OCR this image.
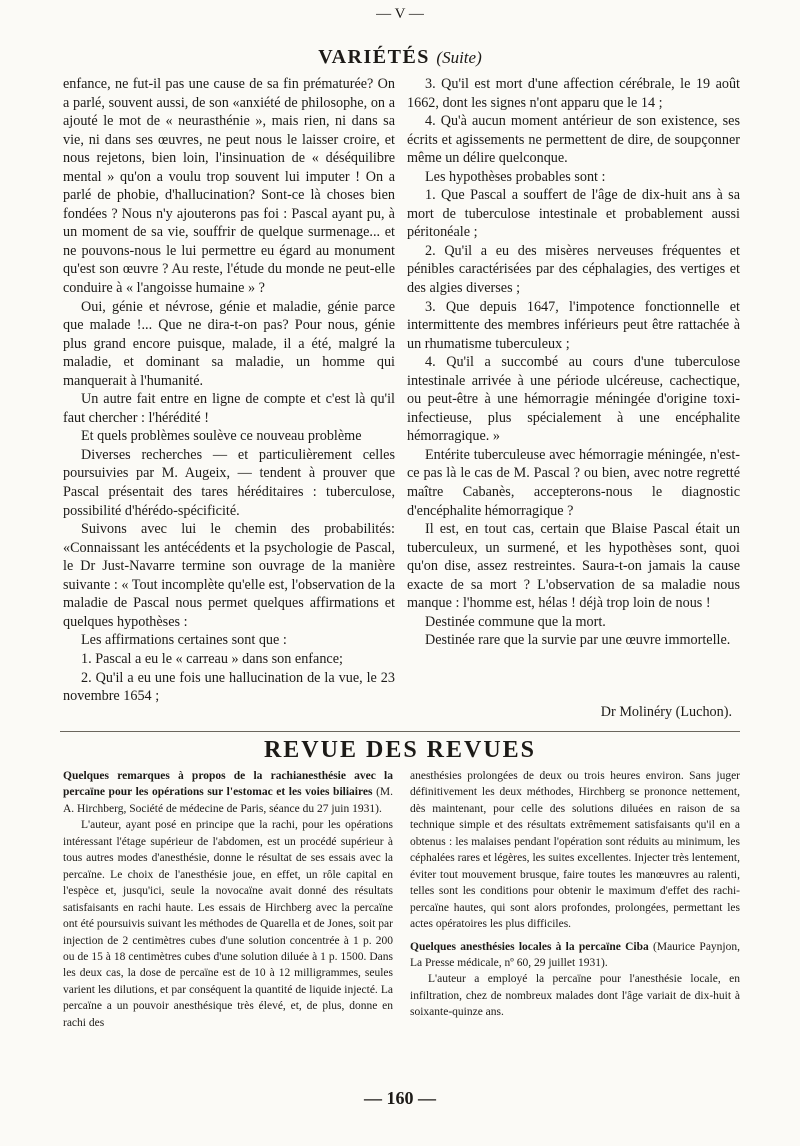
— V —
VARIÉTÉS (Suite)

enfance, ne fut-il pas une cause de sa fin prématurée? On a parlé, souvent aussi, de son «anxiété de philosophe, on a ajouté le mot de « neurasthénie », mais rien, ni dans sa vie, ni dans ses œuvres, ne peut nous le laisser croire, et nous rejetons, bien loin, l'insinuation de « déséquilibre mental » qu'on a voulu trop souvent lui imputer ! On a parlé de phobie, d'hallucination? Sont-ce là choses bien fondées ? Nous n'y ajouterons pas foi : Pascal ayant pu, à un moment de sa vie, souffrir de quelque surmenage... et ne pouvons-nous le lui permettre eu égard au monument qu'est son œuvre ? Au reste, l'étude du monde ne peut-elle conduire à « l'angoisse humaine » ?

Oui, génie et névrose, génie et maladie, génie parce que malade !... Que ne dira-t-on pas? Pour nous, génie plus grand encore puisque, malade, il a été, malgré la maladie, et dominant sa maladie, un homme qui manquerait à l'humanité.

Un autre fait entre en ligne de compte et c'est là qu'il faut chercher : l'hérédité !

Et quels problèmes soulève ce nouveau problème

Diverses recherches — et particulièrement celles poursuivies par M. Augeix, — tendent à prouver que Pascal présentait des tares héréditaires : tuberculose, possibilité d'hérédo-spécificité.

Suivons avec lui le chemin des probabilités: «Connaissant les antécédents et la psychologie de Pascal, le Dr Just-Navarre termine son ouvrage de la manière suivante : « Tout incomplète qu'elle est, l'observation de la maladie de Pascal nous permet quelques affirmations et quelques hypothèses :

Les affirmations certaines sont que :

1. Pascal a eu le « carreau » dans son enfance;

2. Qu'il a eu une fois une hallucination de la vue, le 23 novembre 1654 ;

3. Qu'il est mort d'une affection cérébrale, le 19 août 1662, dont les signes n'ont apparu que le 14 ;

4. Qu'à aucun moment antérieur de son existence, ses écrits et agissements ne permettent de dire, de soupçonner même un délire quelconque.

Les hypothèses probables sont :

1. Que Pascal a souffert de l'âge de dix-huit ans à sa mort de tuberculose intestinale et probablement aussi péritonéale ;

2. Qu'il a eu des misères nerveuses fréquentes et pénibles caractérisées par des céphalagies, des vertiges et des algies diverses ;

3. Que depuis 1647, l'impotence fonctionnelle et intermittente des membres inférieurs peut être rattachée à un rhumatisme tuberculeux ;

4. Qu'il a succombé au cours d'une tuberculose intestinale arrivée à une période ulcéreuse, cachectique, ou peut-être à une hémorragie méningée d'origine toxi-infectieuse, plus spécialement à une encéphalite hémorragique. »

Entérite tuberculeuse avec hémorragie méningée, n'est-ce pas là le cas de M. Pascal ? ou bien, avec notre regretté maître Cabanès, accepterons-nous le diagnostic d'encéphalite hémorragique ?

Il est, en tout cas, certain que Blaise Pascal était un tuberculeux, un surmené, et les hypothèses sont, quoi qu'on dise, assez restreintes. Saura-t-on jamais la cause exacte de sa mort ? L'observation de sa maladie nous manque : l'homme est, hélas ! déjà trop loin de nous !

Destinée commune que la mort.

Destinée rare que la survie par une œuvre immortelle.

Dr Molinéry (Luchon).
REVUE DES REVUES

Quelques remarques à propos de la rachianesthésie avec la percaïne pour les opérations sur l'estomac et les voies biliaires (M. A. Hirchberg, Société de médecine de Paris, séance du 27 juin 1931).

L'auteur, ayant posé en principe que la rachi, pour les opérations intéressant l'étage supérieur de l'abdomen, est un procédé supérieur à tous autres modes d'anesthésie, donne le résultat de ses essais avec la percaïne. Le choix de l'anesthésie joue, en effet, un rôle capital en l'espèce et, jusqu'ici, seule la novocaïne avait donné des résultats satisfaisants en rachi haute. Les essais de Hirchberg avec la percaïne ont été poursuivis suivant les méthodes de Quarella et de Jones, soit par injection de 2 centimètres cubes d'une solution concentrée à 1 p. 200 ou de 15 à 18 centimètres cubes d'une solution diluée à 1 p. 1500. Dans les deux cas, la dose de percaïne est de 10 à 12 milligrammes, seules varient les dilutions, et par conséquent la quantité de liquide injecté. La percaïne a un pouvoir anesthésique très élevé, et, de plus, donne en rachi des

anesthésies prolongées de deux ou trois heures environ. Sans juger définitivement les deux méthodes, Hirchberg se prononce nettement, dès maintenant, pour celle des solutions diluées en raison de sa technique simple et des résultats extrêmement satisfaisants qu'il en a obtenus : les malaises pendant l'opération sont réduits au minimum, les céphalées rares et légères, les suites excellentes. Injecter très lentement, éviter tout mouvement brusque, faire toutes les manœuvres au ralenti, telles sont les conditions pour obtenir le maximum d'effet des rachi-percaïne hautes, qui sont alors profondes, prolongées, permettant les actes opératoires les plus difficiles.

Quelques anesthésies locales à la percaïne Ciba (Maurice Paynjon, La Presse médicale, nº 60, 29 juillet 1931).

L'auteur a employé la percaïne pour l'anesthésie locale, en infiltration, chez de nombreux malades dont l'âge variait de dix-huit à soixante-quinze ans.

— 160 —
